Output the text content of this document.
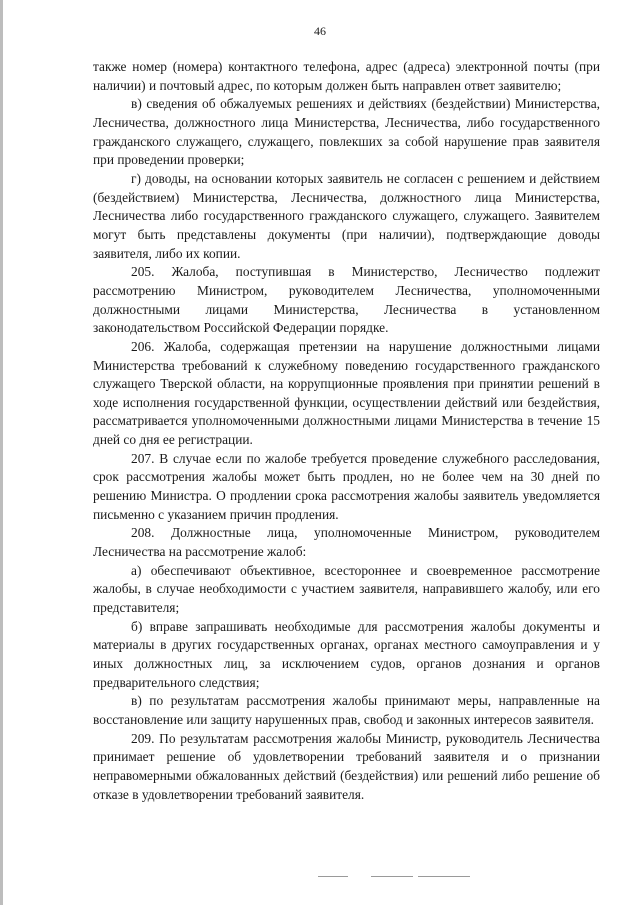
46

также номер (номера) контактного телефона, адрес (адреса) электронной почты (при наличии) и почтовый адрес, по которым должен быть направлен ответ заявителю;

в) сведения об обжалуемых решениях и действиях (бездействии) Министерства, Лесничества, должностного лица Министерства, Лесничества, либо государственного гражданского служащего, служащего, повлекших за собой нарушение прав заявителя при проведении проверки;

г) доводы, на основании которых заявитель не согласен с решением и действием (бездействием) Министерства, Лесничества, должностного лица Министерства, Лесничества либо государственного гражданского служащего, служащего. Заявителем могут быть представлены документы (при наличии), подтверждающие доводы заявителя, либо их копии.

205. Жалоба, поступившая в Министерство, Лесничество подлежит рассмотрению Министром, руководителем Лесничества, уполномоченными должностными лицами Министерства, Лесничества в установленном законодательством Российской Федерации порядке.

206. Жалоба, содержащая претензии на нарушение должностными лицами Министерства требований к служебному поведению государственного гражданского служащего Тверской области, на коррупционные проявления при принятии решений в ходе исполнения государственной функции, осуществлении действий или бездействия, рассматривается уполномоченными должностными лицами Министерства в течение 15 дней со дня ее регистрации.

207. В случае если по жалобе требуется проведение служебного расследования, срок рассмотрения жалобы может быть продлен, но не более чем на 30 дней по решению Министра. О продлении срока рассмотрения жалобы заявитель уведомляется письменно с указанием причин продления.

208. Должностные лица, уполномоченные Министром, руководителем Лесничества на рассмотрение жалоб:

а) обеспечивают объективное, всестороннее и своевременное рассмотрение жалобы, в случае необходимости с участием заявителя, направившего жалобу, или его представителя;

б) вправе запрашивать необходимые для рассмотрения жалобы документы и материалы в других государственных органах, органах местного самоуправления и у иных должностных лиц, за исключением судов, органов дознания и органов предварительного следствия;

в) по результатам рассмотрения жалобы принимают меры, направленные на восстановление или защиту нарушенных прав, свобод и законных интересов заявителя.

209. По результатам рассмотрения жалобы Министр, руководитель Лесничества принимает решение об удовлетворении требований заявителя и о признании неправомерными обжалованных действий (бездействия) или решений либо решение об отказе в удовлетворении требований заявителя.
